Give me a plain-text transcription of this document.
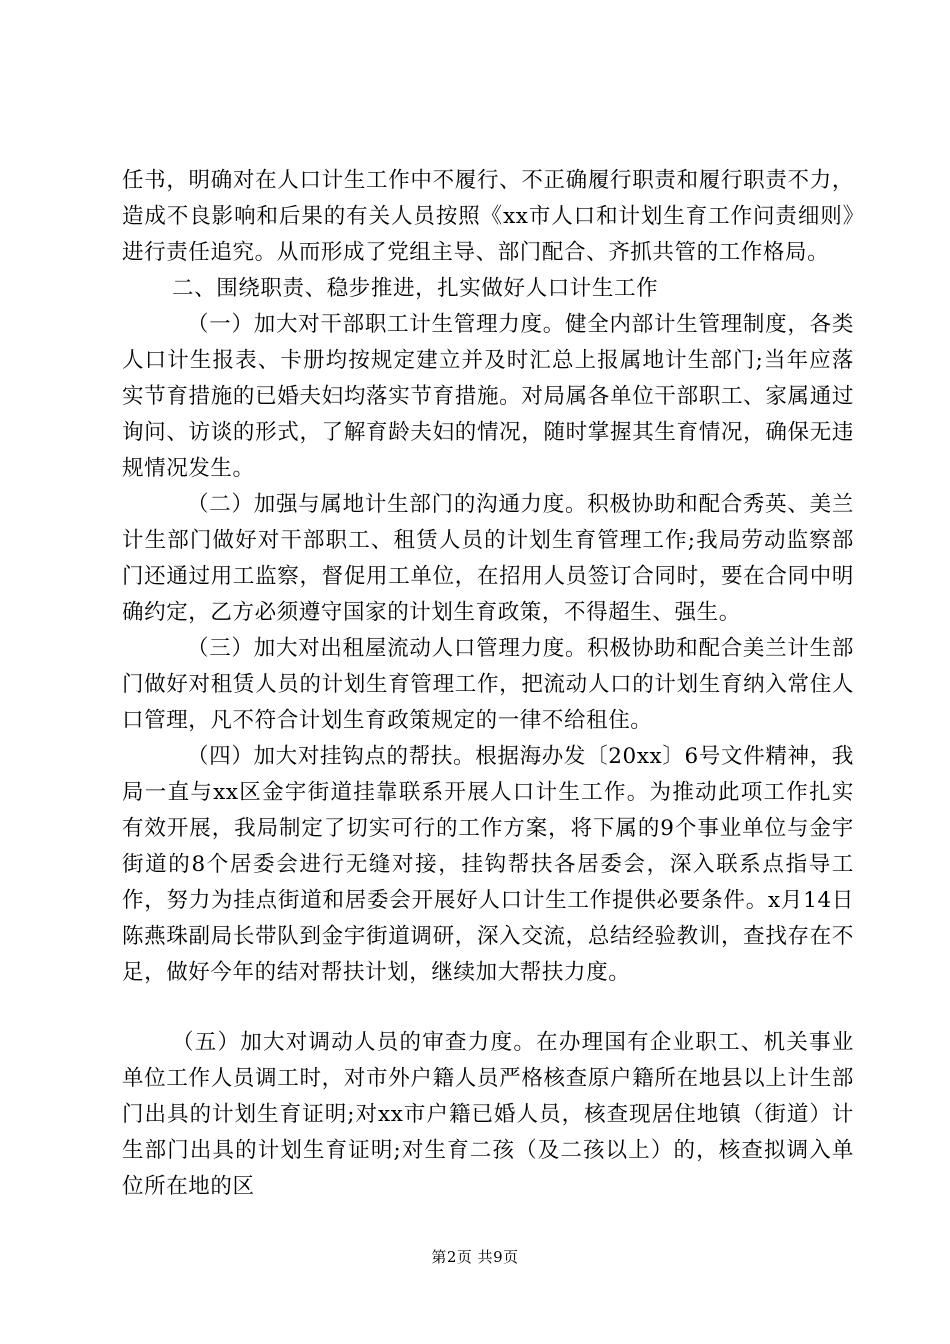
任书，明确对在人口计生工作中不履行、不正确履行职责和履行职责不力，造成不良影响和后果的有关人员按照《xx市人口和计划生育工作问责细则》进行责任追究。从而形成了党组主导、部门配合、齐抓共管的工作格局。

二、围绕职责、稳步推进，扎实做好人口计生工作

（一）加大对干部职工计生管理力度。健全内部计生管理制度，各类人口计生报表、卡册均按规定建立并及时汇总上报属地计生部门;当年应落实节育措施的已婚夫妇均落实节育措施。对局属各单位干部职工、家属通过询问、访谈的形式，了解育龄夫妇的情况，随时掌握其生育情况，确保无违规情况发生。

（二）加强与属地计生部门的沟通力度。积极协助和配合秀英、美兰计生部门做好对干部职工、租赁人员的计划生育管理工作;我局劳动监察部门还通过用工监察，督促用工单位，在招用人员签订合同时，要在合同中明确约定，乙方必须遵守国家的计划生育政策，不得超生、强生。

（三）加大对出租屋流动人口管理力度。积极协助和配合美兰计生部门做好对租赁人员的计划生育管理工作，把流动人口的计划生育纳入常住人口管理，凡不符合计划生育政策规定的一律不给租住。

（四）加大对挂钩点的帮扶。根据海办发〔20xx〕6号文件精神，我局一直与xx区金宇街道挂靠联系开展人口计生工作。为推动此项工作扎实有效开展，我局制定了切实可行的工作方案，将下属的9个事业单位与金宇街道的8个居委会进行无缝对接，挂钩帮扶各居委会，深入联系点指导工作，努力为挂点街道和居委会开展好人口计生工作提供必要条件。x月14日陈燕珠副局长带队到金宇街道调研，深入交流，总结经验教训，查找存在不足，做好今年的结对帮扶计划，继续加大帮扶力度。

（五）加大对调动人员的审查力度。在办理国有企业职工、机关事业单位工作人员调工时，对市外户籍人员严格核查原户籍所在地县以上计生部门出具的计划生育证明;对xx市户籍已婚人员，核查现居住地镇（街道）计生部门出具的计划生育证明;对生育二孩（及二孩以上）的，核查拟调入单位所在地的区

第2页 共9页
